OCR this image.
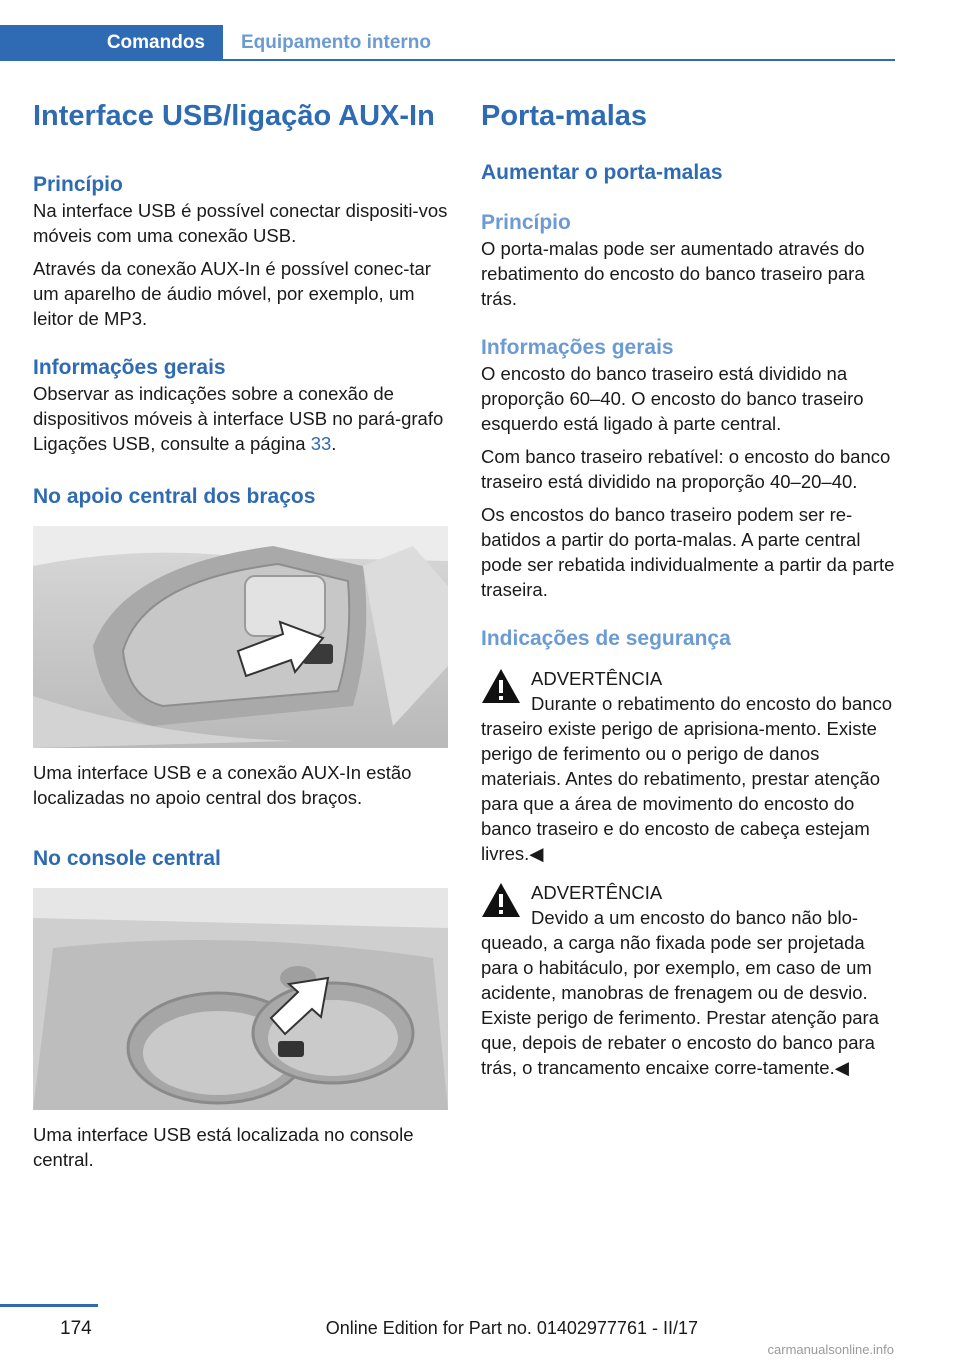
Comandos	Equipamento interno
Interface USB/ligação AUX-In
Princípio

Na interface USB é possível conectar dispositi‐vos móveis com uma conexão USB.

Através da conexão AUX-In é possível conec‐tar um aparelho de áudio móvel, por exemplo, um leitor de MP3.

Informações gerais

Observar as indicações sobre a conexão de dispositivos móveis à interface USB no pará‐grafo Ligações USB, consulte a página 33.

No apoio central dos braços

Uma interface USB e a conexão AUX-In estão localizadas no apoio central dos braços.

No console central

Uma interface USB está localizada no console central.

Porta-malas
Aumentar o porta-malas
Princípio

O porta-malas pode ser aumentado através do rebatimento do encosto do banco traseiro para trás.

Informações gerais

O encosto do banco traseiro está dividido na proporção 60–40. O encosto do banco traseiro esquerdo está ligado à parte central.

Com banco traseiro rebatível: o encosto do banco traseiro está dividido na proporção 40–20–40.

Os encostos do banco traseiro podem ser re‐batidos a partir do porta-malas. A parte central pode ser rebatida individualmente a partir da parte traseira.

Indicações de segurança

ADVERTÊNCIA

Durante o rebatimento do encosto do banco traseiro existe perigo de aprisiona‐mento. Existe perigo de ferimento ou o perigo de danos materiais. Antes do rebatimento, prestar atenção para que a área de movimento do encosto do banco traseiro e do encosto de cabeça estejam livres.◀

ADVERTÊNCIA

Devido a um encosto do banco não blo‐queado, a carga não fixada pode ser projetada para o habitáculo, por exemplo, em caso de um acidente, manobras de frenagem ou de desvio. Existe perigo de ferimento. Prestar atenção para que, depois de rebater o encosto do banco para trás, o trancamento encaixe corre‐tamente.◀

174	Online Edition for Part no. 01402977761 - II/17
carmanualsonline.info
